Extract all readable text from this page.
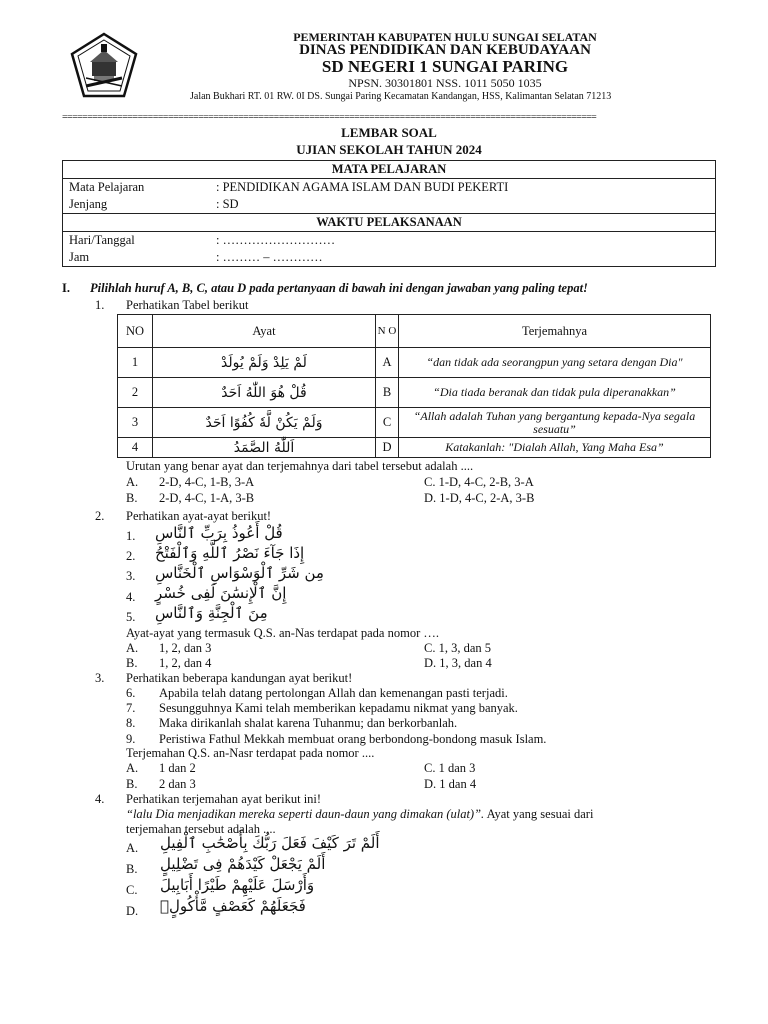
PEMERINTAH KABUPATEN HULU SUNGAI SELATAN
DINAS PENDIDIKAN DAN KEBUDAYAAN
SD NEGERI 1 SUNGAI PARING
NPSN. 30301801 NSS. 1011 5050 1035
Jalan Bukhari RT. 01 RW. 0I DS. Sungai Paring Kecamatan Kandangan, HSS, Kalimantan Selatan 71213
==========================================================================================================
LEMBAR SOAL
UJIAN SEKOLAH TAHUN 2024
MATA PELAJARAN	
Mata Pelajaran	: PENDIDIKAN AGAMA ISLAM DAN BUDI PEKERTI
Jenjang	: SD
WAKTU PELAKSANAAN	
Hari/Tanggal	: ………………………
Jam	: ……… – …………
I. Pilihlah huruf A, B, C, atau D pada pertanyaan di bawah ini dengan jawaban yang paling tepat!
1. Perhatikan Tabel berikut
NO	Ayat	N O	Terjemahnya
1	لَمْ يَلِدْ وَلَمْ يُولَدْ	A	“dan tidak ada seorangpun yang setara dengan Dia"
2	قُلْ هُوَ اللّٰهُ اَحَدٌ	B	“Dia tiada beranak dan tidak pula diperanakkan”
3	وَلَمْ يَكُنْ لَّهٗ كُفُوًا اَحَدٌ	C	“Allah adalah Tuhan yang bergantung kepada-Nya segala sesuatu”
4	اَللّٰهُ الصَّمَدُ	D	Katakanlah: "Dialah Allah, Yang Maha Esa”
Urutan yang benar ayat dan terjemahnya dari tabel tersebut adalah ....
A. 2-D, 4-C, 1-B, 3-A	C. 1-D, 4-C, 2-B, 3-A
B. 2-D, 4-C, 1-A, 3-B	D. 1-D, 4-C, 2-A, 3-B
2. Perhatikan ayat-ayat berikut!
1. قُلْ أَعُوذُ بِرَبِّ ٱلنَّاسِ
2. إِذَا جَآءَ نَصْرُ ٱللَّهِ وَٱلْفَتْحُ
3. مِن شَرِّ ٱلْوَسْوَاسِ ٱلْخَنَّاسِ
4. إِنَّ ٱلْإِنسَٰنَ لَفِى خُسْرٍ
5. مِنَ ٱلْجِنَّةِ وَٱلنَّاسِ
Ayat-ayat yang termasuk Q.S. an-Nas terdapat pada nomor ….
A. 1, 2, dan 3	C. 1, 3, dan 5
B. 1, 2, dan 4	D. 1, 3, dan 4
3. Perhatikan beberapa kandungan ayat berikut!
6. Apabila telah datang pertolongan Allah dan kemenangan pasti terjadi.
7. Sesungguhnya Kami telah memberikan kepadamu nikmat yang banyak.
8. Maka dirikanlah shalat karena Tuhanmu; dan berkorbanlah.
9. Peristiwa Fathul Mekkah membuat orang berbondong-bondong masuk Islam.
Terjemahan Q.S. an-Nasr terdapat pada nomor ....
A. 1 dan 2	C. 1 dan 3
B. 2 dan 3	D. 1 dan 4
4. Perhatikan terjemahan ayat berikut ini!
“lalu Dia menjadikan mereka seperti daun-daun yang dimakan (ulat)”. Ayat yang sesuai dari
terjemahan tersebut adalah ....
A. أَلَمْ تَرَ كَيْفَ فَعَلَ رَبُّكَ بِأَصْحَٰبِ ٱلْفِيلِ
B. أَلَمْ يَجْعَلْ كَيْدَهُمْ فِى تَضْلِيلٍ
C. وَأَرْسَلَ عَلَيْهِمْ طَيْرًا أَبَابِيلَ
D. فَجَعَلَهُمْ كَعَصْفٍ مَّأْكُولٍۭ
